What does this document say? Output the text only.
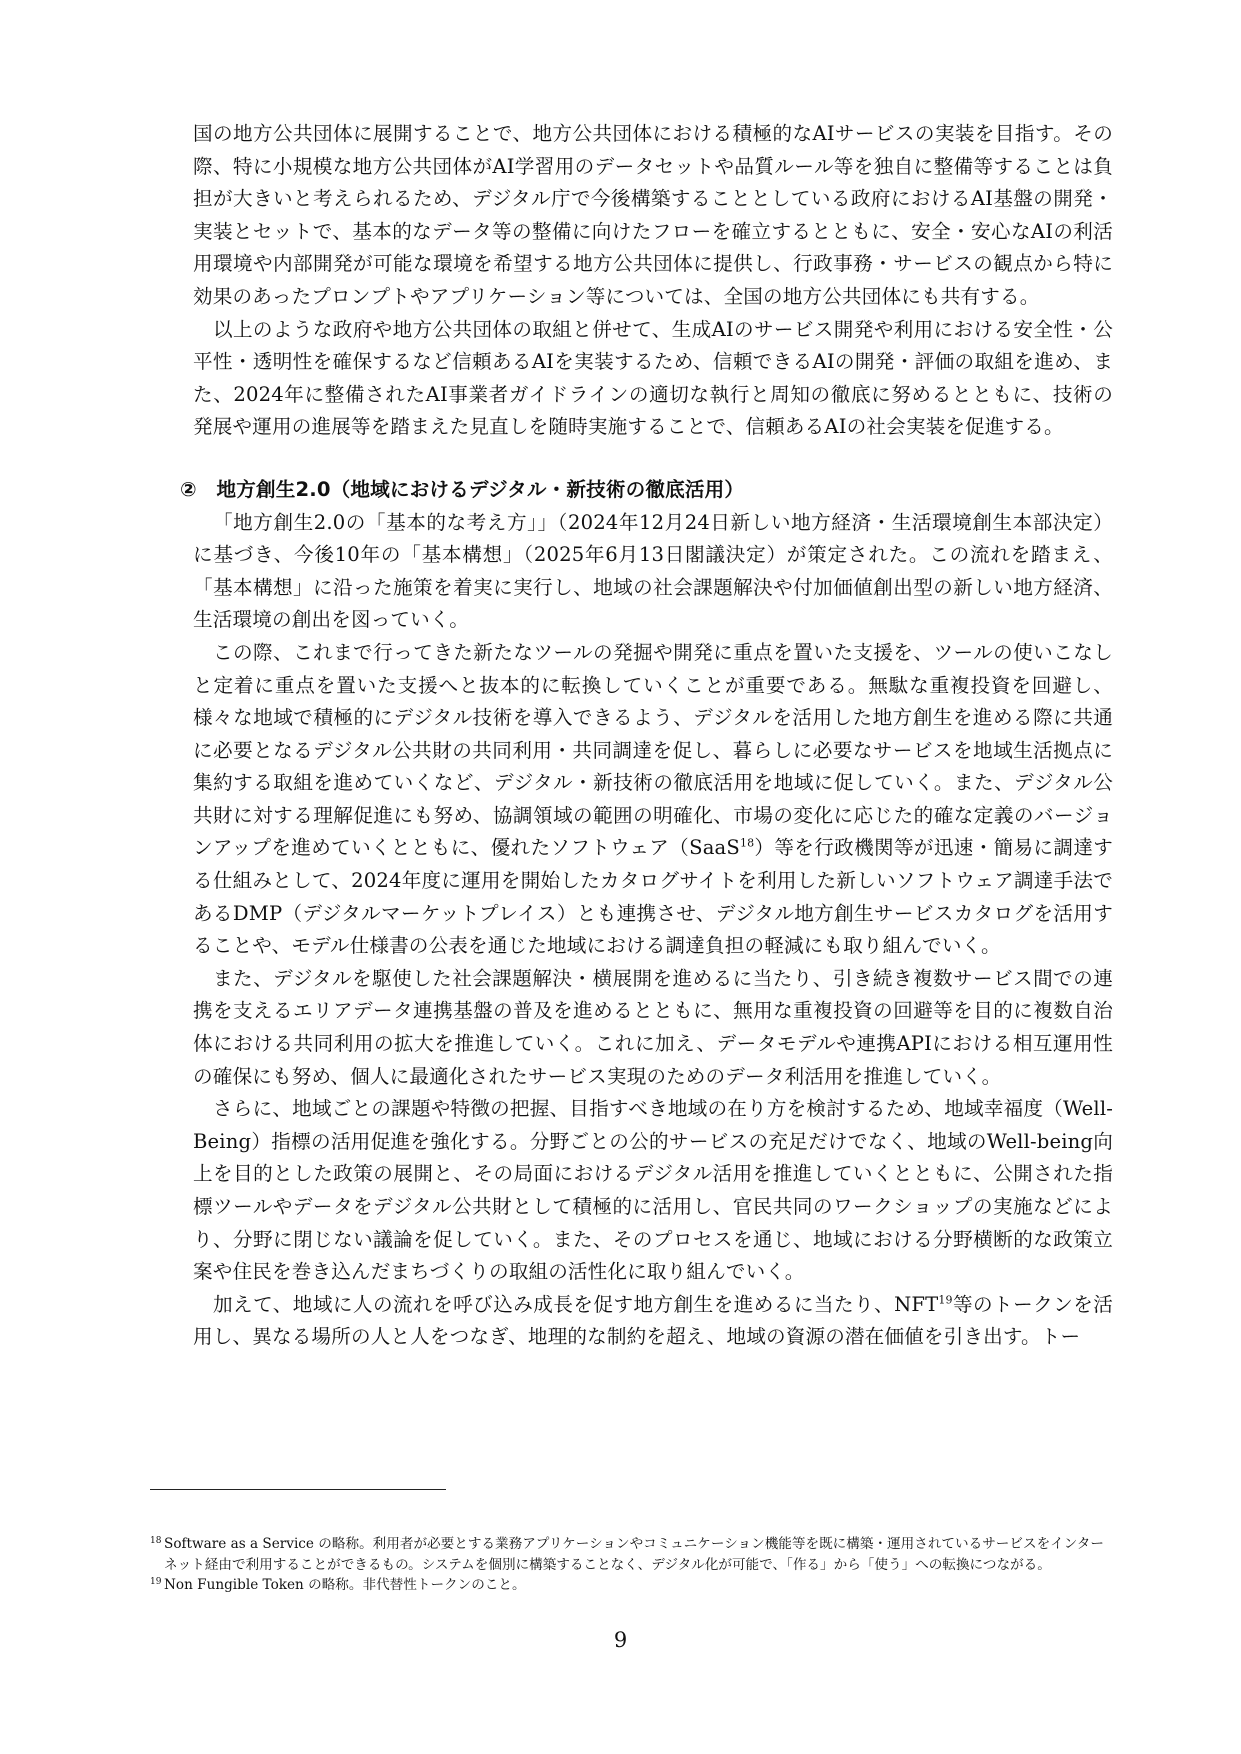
国の地方公共団体に展開することで、地方公共団体における積極的なAIサービスの実装を目指す。その際、特に小規模な地方公共団体がAI学習用のデータセットや品質ルール等を独自に整備等することは負担が大きいと考えられるため、デジタル庁で今後構築することとしている政府におけるAI基盤の開発・実装とセットで、基本的なデータ等の整備に向けたフローを確立するとともに、安全・安心なAIの利活用環境や内部開発が可能な環境を希望する地方公共団体に提供し、行政事務・サービスの観点から特に効果のあったプロンプトやアプリケーション等については、全国の地方公共団体にも共有する。

以上のような政府や地方公共団体の取組と併せて、生成AIのサービス開発や利用における安全性・公平性・透明性を確保するなど信頼あるAIを実装するため、信頼できるAIの開発・評価の取組を進め、また、2024年に整備されたAI事業者ガイドラインの適切な執行と周知の徹底に努めるとともに、技術の発展や運用の進展等を踏まえた見直しを随時実施することで、信頼あるAIの社会実装を促進する。

②　地方創生2.0（地域におけるデジタル・新技術の徹底活用）

「地方創生2.0の「基本的な考え方」」（2024年12月24日新しい地方経済・生活環境創生本部決定）に基づき、今後10年の「基本構想」（2025年6月13日閣議決定）が策定された。この流れを踏まえ、「基本構想」に沿った施策を着実に実行し、地域の社会課題解決や付加価値創出型の新しい地方経済、生活環境の創出を図っていく。

この際、これまで行ってきた新たなツールの発掘や開発に重点を置いた支援を、ツールの使いこなしと定着に重点を置いた支援へと抜本的に転換していくことが重要である。無駄な重複投資を回避し、様々な地域で積極的にデジタル技術を導入できるよう、デジタルを活用した地方創生を進める際に共通に必要となるデジタル公共財の共同利用・共同調達を促し、暮らしに必要なサービスを地域生活拠点に集約する取組を進めていくなど、デジタル・新技術の徹底活用を地域に促していく。また、デジタル公共財に対する理解促進にも努め、協調領域の範囲の明確化、市場の変化に応じた的確な定義のバージョンアップを進めていくとともに、優れたソフトウェア（SaaS$^{18}$）等を行政機関等が迅速・簡易に調達する仕組みとして、2024年度に運用を開始したカタログサイトを利用した新しいソフトウェア調達手法であるDMP（デジタルマーケットプレイス）とも連携させ、デジタル地方創生サービスカタログを活用することや、モデル仕様書の公表を通じた地域における調達負担の軽減にも取り組んでいく。

また、デジタルを駆使した社会課題解決・横展開を進めるに当たり、引き続き複数サービス間での連携を支えるエリアデータ連携基盤の普及を進めるとともに、無用な重複投資の回避等を目的に複数自治体における共同利用の拡大を推進していく。これに加え、データモデルや連携APIにおける相互運用性の確保にも努め、個人に最適化されたサービス実現のためのデータ利活用を推進していく。

さらに、地域ごとの課題や特徴の把握、目指すべき地域の在り方を検討するため、地域幸福度（Well-Being）指標の活用促進を強化する。分野ごとの公的サービスの充足だけでなく、地域のWell-being向上を目的とした政策の展開と、その局面におけるデジタル活用を推進していくとともに、公開された指標ツールやデータをデジタル公共財として積極的に活用し、官民共同のワークショップの実施などにより、分野に閉じない議論を促していく。また、そのプロセスを通じ、地域における分野横断的な政策立案や住民を巻き込んだまちづくりの取組の活性化に取り組んでいく。

加えて、地域に人の流れを呼び込み成長を促す地方創生を進めるに当たり、NFT$^{19}$等のトークンを活用し、異なる場所の人と人をつなぎ、地理的な制約を超え、地域の資源の潜在価値を引き出す。トー

18 Software as a Service の略称。利用者が必要とする業務アプリケーションやコミュニケーション機能等を既に構築・運用されているサービスをインターネット経由で利用することができるもの。システムを個別に構築することなく、デジタル化が可能で、「作る」から「使う」への転換につながる。

19 Non Fungible Token の略称。非代替性トークンのこと。

9
